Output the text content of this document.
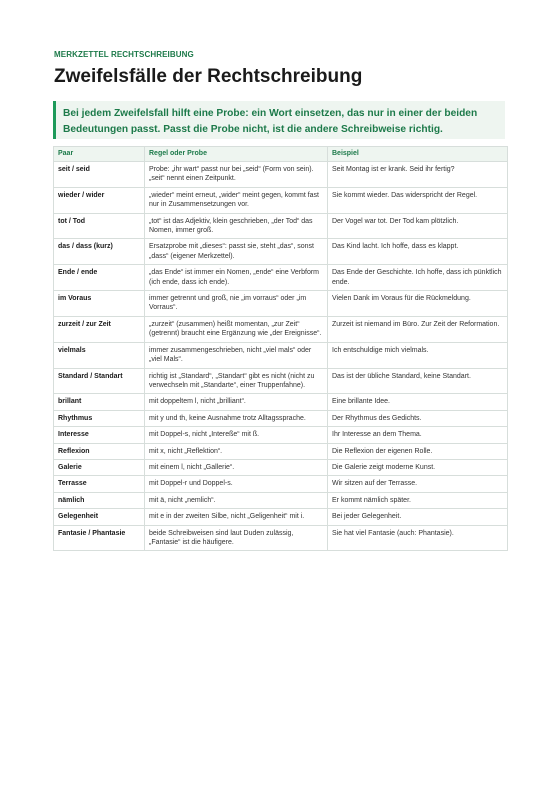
MERKZETTEL RECHTSCHREIBUNG
Zweifelsfälle der Rechtschreibung
Bei jedem Zweifelsfall hilft eine Probe: ein Wort einsetzen, das nur in einer der beiden Bedeutungen passt. Passt die Probe nicht, ist die andere Schreibweise richtig.
Paar	Regel oder Probe	Beispiel
seit / seid	Probe: „ihr wart“ passt nur bei „seid“ (Form von sein). „seit“ nennt einen Zeitpunkt.	Seit Montag ist er krank. Seid ihr fertig?
wieder / wider	„wieder“ meint erneut, „wider“ meint gegen, kommt fast nur in Zusammensetzungen vor.	Sie kommt wieder. Das widerspricht der Regel.
tot / Tod	„tot“ ist das Adjektiv, klein geschrieben, „der Tod“ das Nomen, immer groß.	Der Vogel war tot. Der Tod kam plötzlich.
das / dass (kurz)	Ersatzprobe mit „dieses“: passt sie, steht „das“, sonst „dass“ (eigener Merkzettel).	Das Kind lacht. Ich hoffe, dass es klappt.
Ende / ende	„das Ende“ ist immer ein Nomen, „ende“ eine Verbform (ich ende, dass ich ende).	Das Ende der Geschichte. Ich hoffe, dass ich pünktlich ende.
im Voraus	immer getrennt und groß, nie „im vorraus“ oder „im Vorraus“.	Vielen Dank im Voraus für die Rückmeldung.
zurzeit / zur Zeit	„zurzeit“ (zusammen) heißt momentan, „zur Zeit“ (getrennt) braucht eine Ergänzung wie „der Ereignisse“.	Zurzeit ist niemand im Büro. Zur Zeit der Reformation.
vielmals	immer zusammengeschrieben, nicht „viel mals“ oder „viel Mals“.	Ich entschuldige mich vielmals.
Standard / Standart	richtig ist „Standard“, „Standart“ gibt es nicht (nicht zu verwechseln mit „Standarte“, einer Truppenfahne).	Das ist der übliche Standard, keine Standart.
brillant	mit doppeltem l, nicht „brilliant“.	Eine brillante Idee.
Rhythmus	mit y und th, keine Ausnahme trotz Alltagssprache.	Der Rhythmus des Gedichts.
Interesse	mit Doppel-s, nicht „Intereße“ mit ß.	Ihr Interesse an dem Thema.
Reflexion	mit x, nicht „Reflektion“.	Die Reflexion der eigenen Rolle.
Galerie	mit einem l, nicht „Gallerie“.	Die Galerie zeigt moderne Kunst.
Terrasse	mit Doppel-r und Doppel-s.	Wir sitzen auf der Terrasse.
nämlich	mit ä, nicht „nemlich“.	Er kommt nämlich später.
Gelegenheit	mit e in der zweiten Silbe, nicht „Geligenheit“ mit i.	Bei jeder Gelegenheit.
Fantasie / Phantasie	beide Schreibweisen sind laut Duden zulässig, „Fantasie“ ist die häufigere.	Sie hat viel Fantasie (auch: Phantasie).
